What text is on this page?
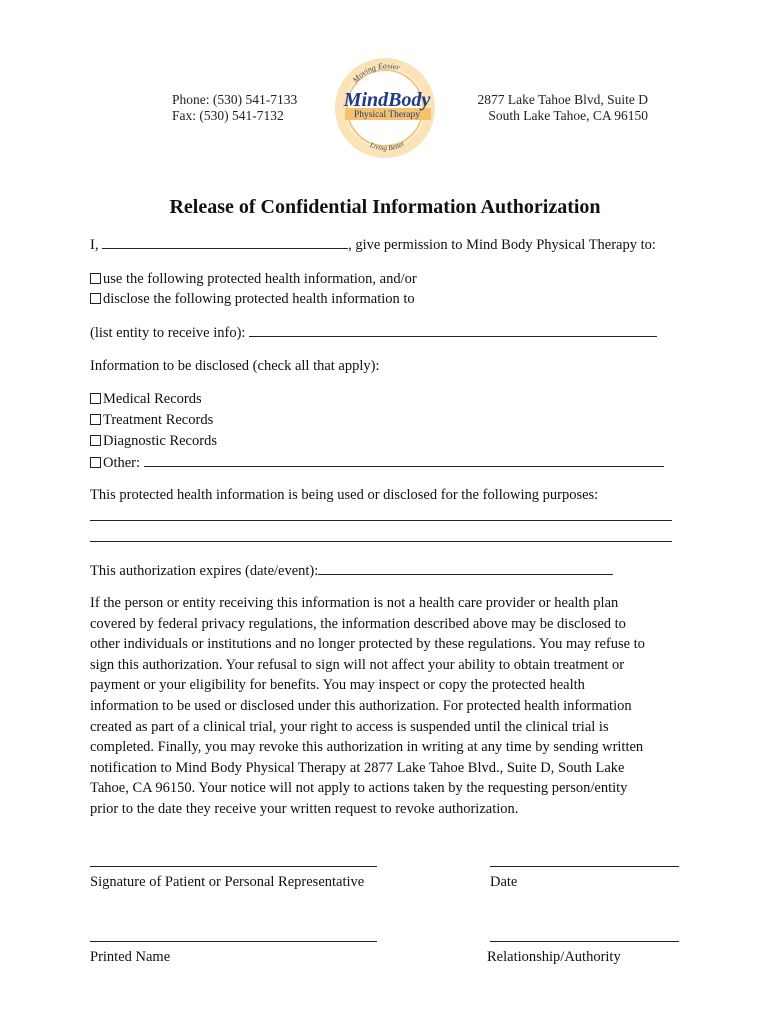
Phone: (530) 541-7133
Fax: (530) 541-7132
Moving Easier
MindBody
Physical Therapy
Living Better
2877 Lake Tahoe Blvd, Suite D
South Lake Tahoe, CA 96150
Release of Confidential Information Authorization
I,	, give permission to Mind Body Physical Therapy to:
use the following protected health information, and/or
disclose the following protected health information to
(list entity to receive info):
Information to be disclosed (check all that apply):
Medical Records
Treatment Records
Diagnostic Records
Other:
This protected health information is being used or disclosed for the following purposes:
This authorization expires (date/event):
If the person or entity receiving this information is not a health care provider or health plan
covered by federal privacy regulations, the information described above may be disclosed to
other individuals or institutions and no longer protected by these regulations. You may refuse to
sign this authorization. Your refusal to sign will not affect your ability to obtain treatment or
payment or your eligibility for benefits. You may inspect or copy the protected health
information to be used or disclosed under this authorization. For protected health information
created as part of a clinical trial, your right to access is suspended until the clinical trial is
completed. Finally, you may revoke this authorization in writing at any time by sending written
notification to Mind Body Physical Therapy at 2877 Lake Tahoe Blvd., Suite D, South Lake
Tahoe, CA 96150. Your notice will not apply to actions taken by the requesting person/entity
prior to the date they receive your written request to revoke authorization.
Signature of Patient or Personal Representative	Date
Printed Name	Relationship/Authority
